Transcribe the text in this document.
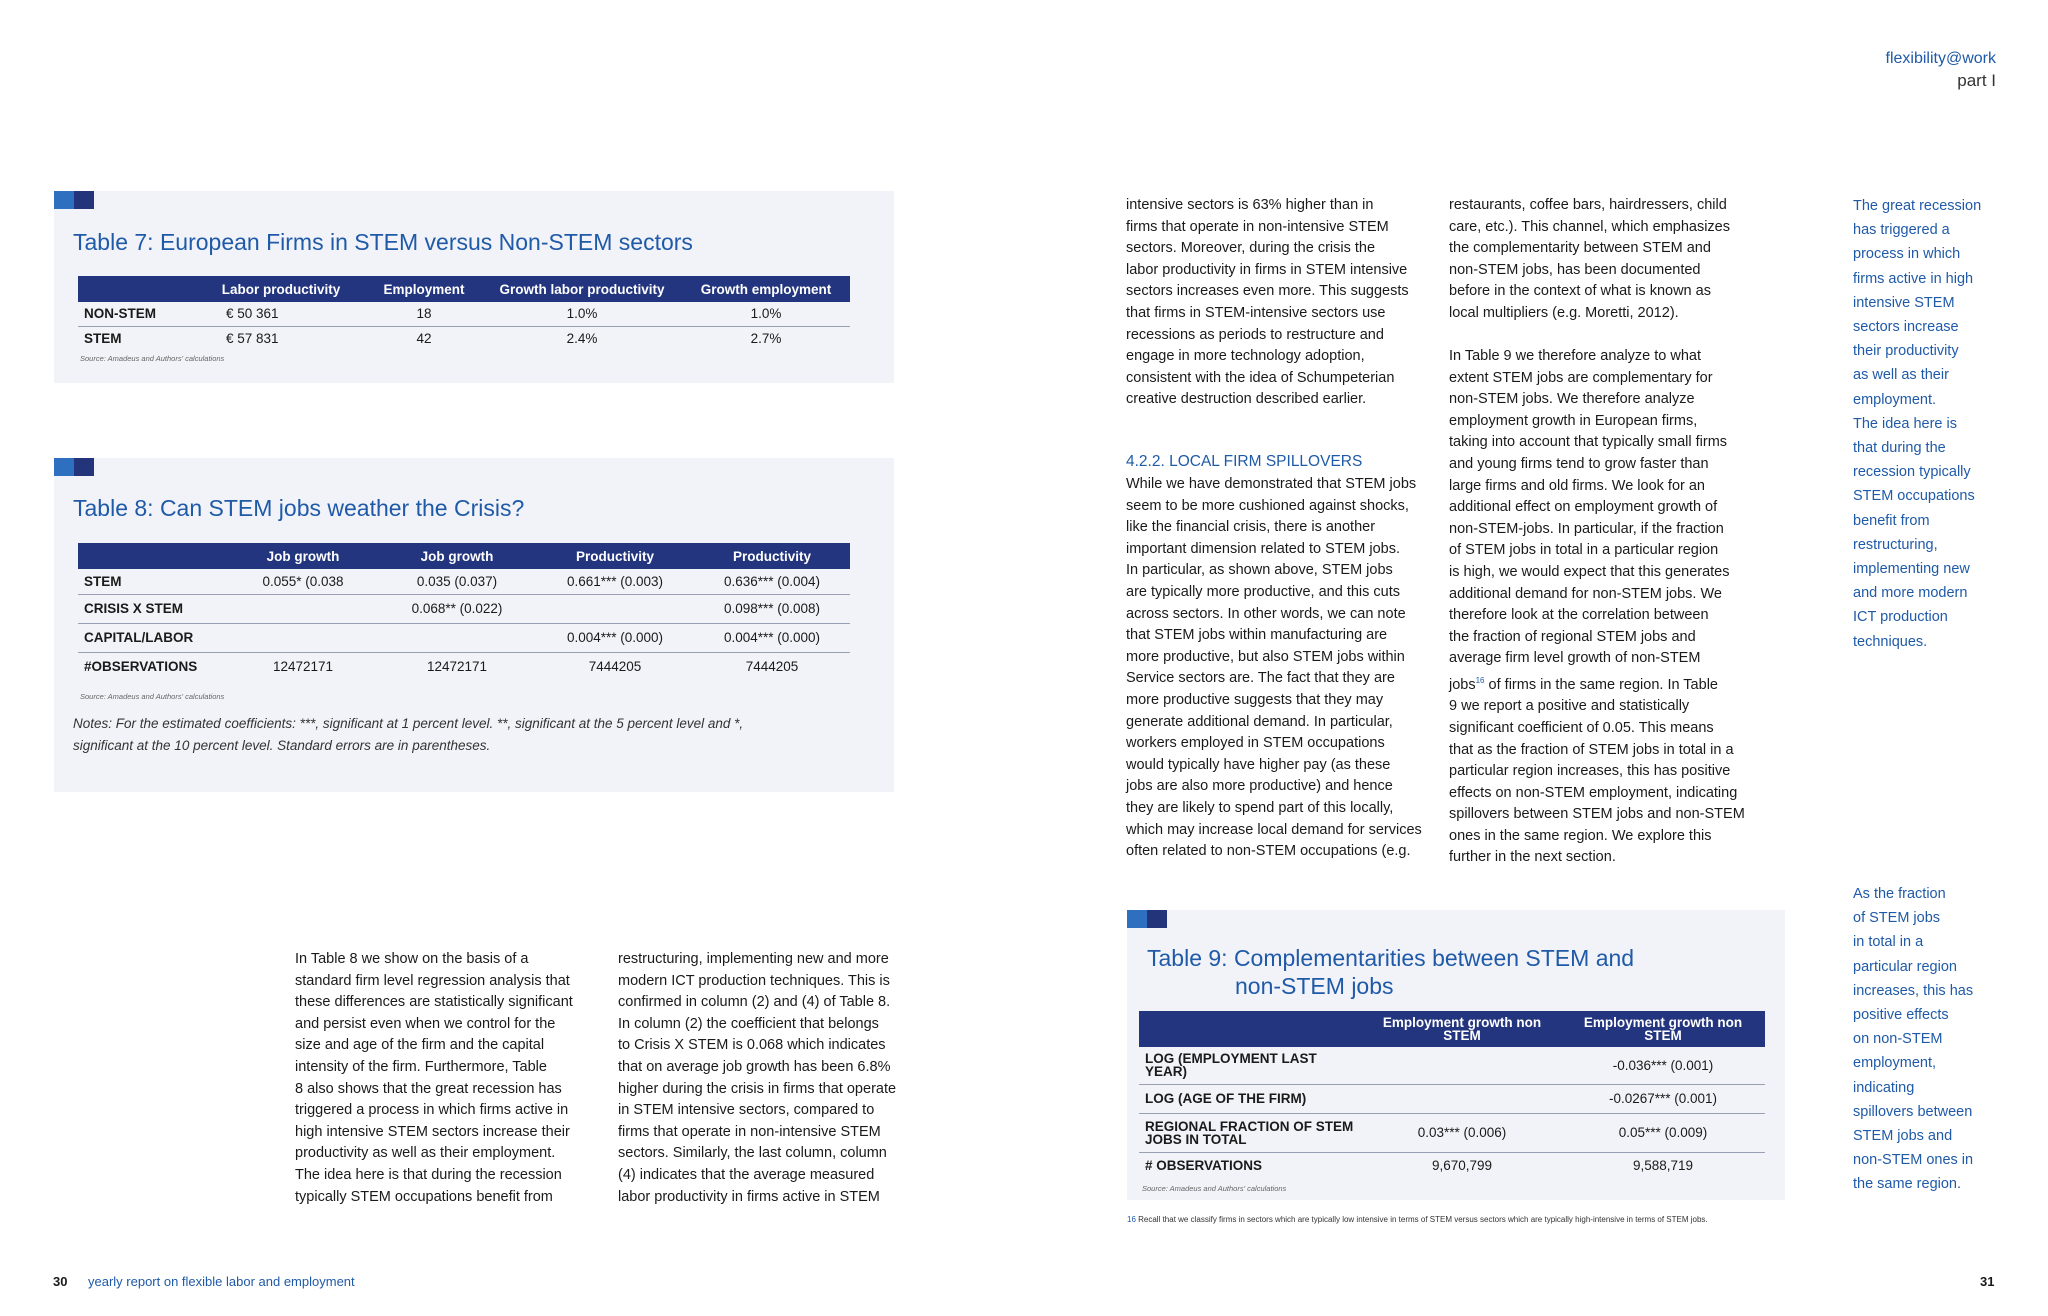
flexibility@work
part I
Table 7: European Firms in STEM versus Non-STEM sectors
	Labor productivity	Employment	Growth labor productivity	Growth employment
NON-STEM	€ 50 361	18	1.0%	1.0%
STEM	€ 57 831	42	2.4%	2.7%
Source: Amadeus and Authors' calculations
Table 8: Can STEM jobs weather the Crisis?
	Job growth	Job growth	Productivity	Productivity
STEM	0.055* (0.038	0.035 (0.037)	0.661*** (0.003)	0.636*** (0.004)
CRISIS X STEM		0.068** (0.022)		0.098*** (0.008)
CAPITAL/LABOR			0.004*** (0.000)	0.004*** (0.000)
#OBSERVATIONS	12472171	12472171	7444205	7444205
Source: Amadeus and Authors' calculations
Notes: For the estimated coefficients: ***, significant at 1 percent level. **, significant at the 5 percent level and *,
significant at the 10 percent level. Standard errors are in parentheses.
In Table 8 we show on the basis of a
standard firm level regression analysis that
these differences are statistically significant
and persist even when we control for the
size and age of the firm and the capital
intensity of the firm. Furthermore, Table
8 also shows that the great recession has
triggered a process in which firms active in
high intensive STEM sectors increase their
productivity as well as their employment.
The idea here is that during the recession
typically STEM occupations benefit from
restructuring, implementing new and more
modern ICT production techniques. This is
confirmed in column (2) and (4) of Table 8.
In column (2) the coefficient that belongs
to Crisis X STEM is 0.068 which indicates
that on average job growth has been 6.8%
higher during the crisis in firms that operate
in STEM intensive sectors, compared to
firms that operate in non-intensive STEM
sectors. Similarly, the last column, column
(4) indicates that the average measured
labor productivity in firms active in STEM
intensive sectors is 63% higher than in
firms that operate in non-intensive STEM
sectors. Moreover, during the crisis the
labor productivity in firms in STEM intensive
sectors increases even more. This suggests
that firms in STEM-intensive sectors use
recessions as periods to restructure and
engage in more technology adoption,
consistent with the idea of Schumpeterian
creative destruction described earlier.
4.2.2. LOCAL FIRM SPILLOVERS
While we have demonstrated that STEM jobs
seem to be more cushioned against shocks,
like the financial crisis, there is another
important dimension related to STEM jobs.
In particular, as shown above, STEM jobs
are typically more productive, and this cuts
across sectors. In other words, we can note
that STEM jobs within manufacturing are
more productive, but also STEM jobs within
Service sectors are. The fact that they are
more productive suggests that they may
generate additional demand. In particular,
workers employed in STEM occupations
would typically have higher pay (as these
jobs are also more productive) and hence
they are likely to spend part of this locally,
which may increase local demand for services
often related to non-STEM occupations (e.g.
restaurants, coffee bars, hairdressers, child
care, etc.). This channel, which emphasizes
the complementarity between STEM and
non-STEM jobs, has been documented
before in the context of what is known as
local multipliers (e.g. Moretti, 2012).
In Table 9 we therefore analyze to what
extent STEM jobs are complementary for
non-STEM jobs. We therefore analyze
employment growth in European firms,
taking into account that typically small firms
and young firms tend to grow faster than
large firms and old firms. We look for an
additional effect on employment growth of
non-STEM-jobs. In particular, if the fraction
of STEM jobs in total in a particular region
is high, we would expect that this generates
additional demand for non-STEM jobs. We
therefore look at the correlation between
the fraction of regional STEM jobs and
average firm level growth of non-STEM
jobs$^{16}$ of firms in the same region. In Table
9 we report a positive and statistically
significant coefficient of 0.05. This means
that as the fraction of STEM jobs in total in a
particular region increases, this has positive
effects on non-STEM employment, indicating
spillovers between STEM jobs and non-STEM
ones in the same region. We explore this
further in the next section.
The great recession
has triggered a
process in which
firms active in high
intensive STEM
sectors increase
their productivity
as well as their
employment.
The idea here is
that during the
recession typically
STEM occupations
benefit from
restructuring,
implementing new
and more modern
ICT production
techniques.
As the fraction
of STEM jobs
in total in a
particular region
increases, this has
positive effects
on non-STEM
employment,
indicating
spillovers between
STEM jobs and
non-STEM ones in
the same region.
Table 9: Complementarities between STEM and
non-STEM jobs
	Employment growth non STEM	Employment growth non STEM
LOG (EMPLOYMENT LAST YEAR)		-0.036*** (0.001)
LOG (AGE OF THE FIRM)		-0.0267*** (0.001)
REGIONAL FRACTION OF STEM JOBS IN TOTAL	0.03*** (0.006)	0.05*** (0.009)
# OBSERVATIONS	9,670,799	9,588,719
Source: Amadeus and Authors' calculations
16 Recall that we classify firms in sectors which are typically low intensive in terms of STEM versus sectors which are typically high-intensive in terms of STEM jobs.
30 yearly report on flexible labor and employment	31
